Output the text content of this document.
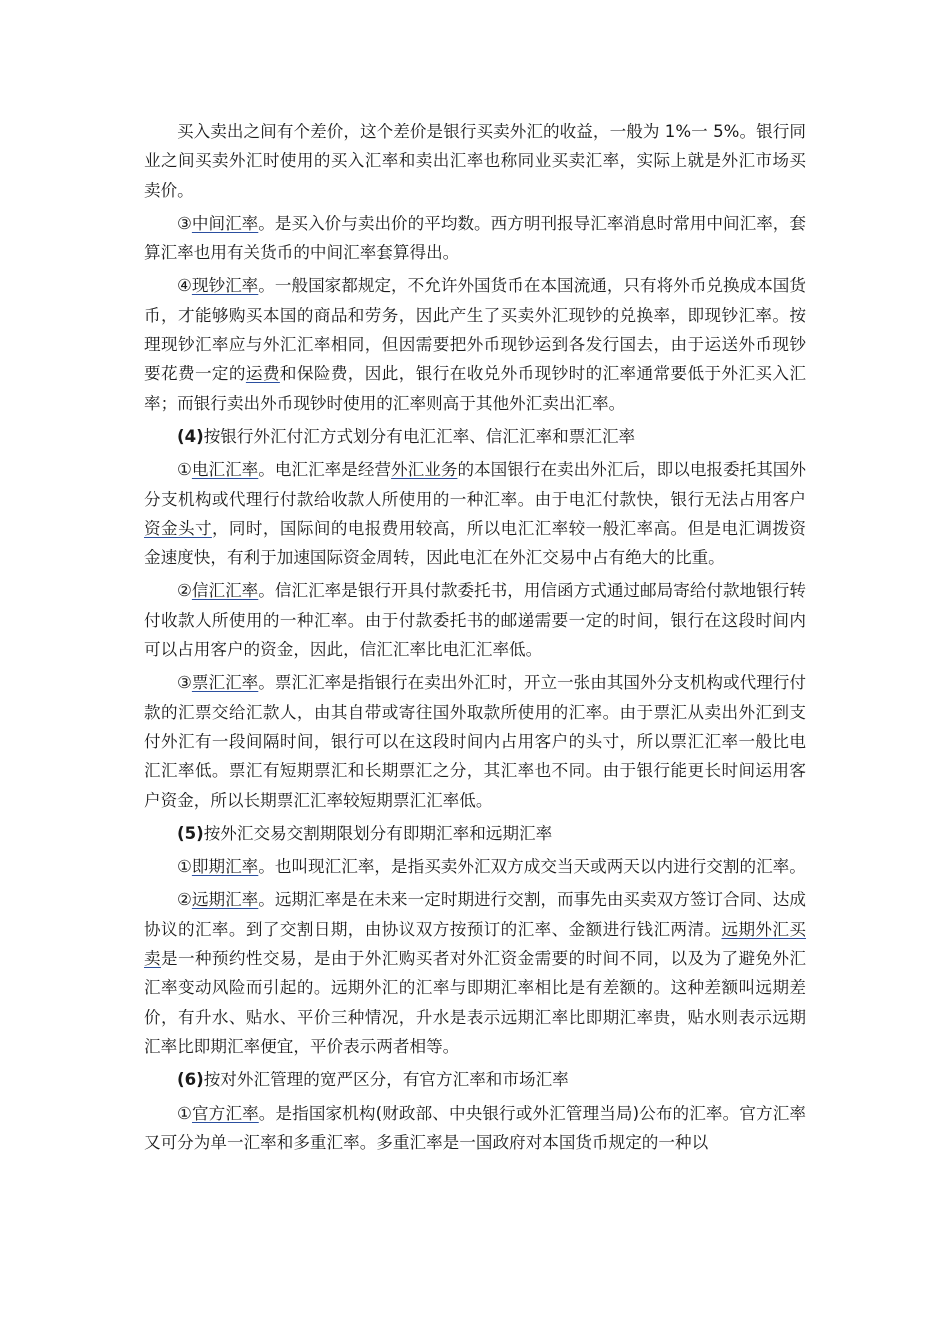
买入卖出之间有个差价，这个差价是银行买卖外汇的收益，一般为 1%一 5%。银行同业之间买卖外汇时使用的买入汇率和卖出汇率也称同业买卖汇率，实际上就是外汇市场买卖价。

③中间汇率。是买入价与卖出价的平均数。西方明刊报导汇率消息时常用中间汇率，套算汇率也用有关货币的中间汇率套算得出。

④现钞汇率。一般国家都规定，不允许外国货币在本国流通，只有将外币兑换成本国货币，才能够购买本国的商品和劳务，因此产生了买卖外汇现钞的兑换率，即现钞汇率。按理现钞汇率应与外汇汇率相同，但因需要把外币现钞运到各发行国去，由于运送外币现钞要花费一定的运费和保险费，因此，银行在收兑外币现钞时的汇率通常要低于外汇买入汇率；而银行卖出外币现钞时使用的汇率则高于其他外汇卖出汇率。

(4)按银行外汇付汇方式划分有电汇汇率、信汇汇率和票汇汇率

①电汇汇率。电汇汇率是经营外汇业务的本国银行在卖出外汇后，即以电报委托其国外分支机构或代理行付款给收款人所使用的一种汇率。由于电汇付款快，银行无法占用客户资金头寸，同时，国际间的电报费用较高，所以电汇汇率较一般汇率高。但是电汇调拨资金速度快，有利于加速国际资金周转，因此电汇在外汇交易中占有绝大的比重。

②信汇汇率。信汇汇率是银行开具付款委托书，用信函方式通过邮局寄给付款地银行转付收款人所使用的一种汇率。由于付款委托书的邮递需要一定的时间，银行在这段时间内可以占用客户的资金，因此，信汇汇率比电汇汇率低。

③票汇汇率。票汇汇率是指银行在卖出外汇时，开立一张由其国外分支机构或代理行付款的汇票交给汇款人，由其自带或寄往国外取款所使用的汇率。由于票汇从卖出外汇到支付外汇有一段间隔时间，银行可以在这段时间内占用客户的头寸，所以票汇汇率一般比电汇汇率低。票汇有短期票汇和长期票汇之分，其汇率也不同。由于银行能更长时间运用客户资金，所以长期票汇汇率较短期票汇汇率低。

(5)按外汇交易交割期限划分有即期汇率和远期汇率

①即期汇率。也叫现汇汇率，是指买卖外汇双方成交当天或两天以内进行交割的汇率。

②远期汇率。远期汇率是在未来一定时期进行交割，而事先由买卖双方签订合同、达成协议的汇率。到了交割日期，由协议双方按预订的汇率、金额进行钱汇两清。远期外汇买卖是一种预约性交易，是由于外汇购买者对外汇资金需要的时间不同，以及为了避免外汇汇率变动风险而引起的。远期外汇的汇率与即期汇率相比是有差额的。这种差额叫远期差价，有升水、贴水、平价三种情况，升水是表示远期汇率比即期汇率贵，贴水则表示远期汇率比即期汇率便宜，平价表示两者相等。

(6)按对外汇管理的宽严区分，有官方汇率和市场汇率

①官方汇率。是指国家机构(财政部、中央银行或外汇管理当局)公布的汇率。官方汇率又可分为单一汇率和多重汇率。多重汇率是一国政府对本国货币规定的一种以
